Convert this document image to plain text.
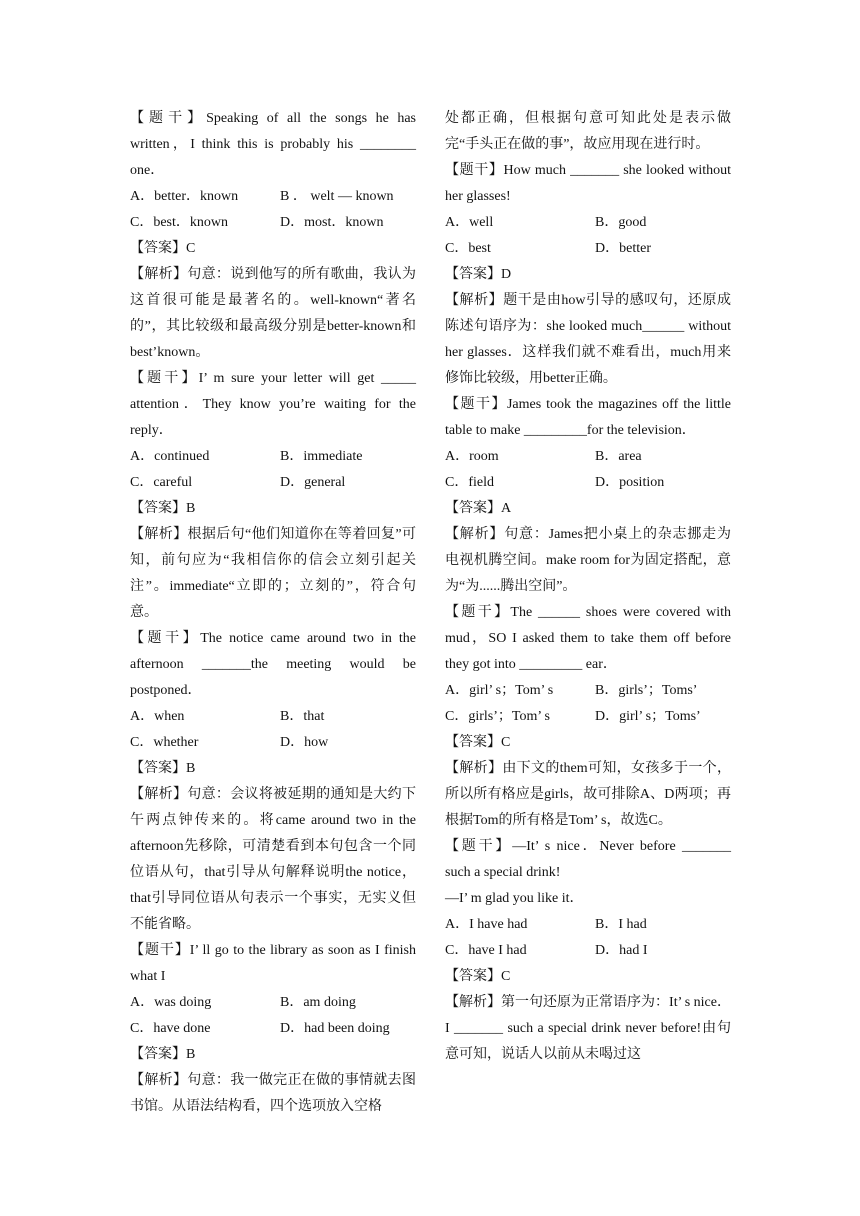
【题干】Speaking of all the songs he has written，I think this is probably his ________ one．

A．better．known	B ． welt — known
C．best．known	D．most．known

【答案】C

【解析】句意：说到他写的所有歌曲，我认为这首很可能是最著名的。well-known“著名的”，其比较级和最高级分别是better-known和best’known。

【题干】I’ m sure your letter will get _____ attention．They know you’re waiting for the reply．

A．continued	B．immediate
C．careful	D．general

【答案】B

【解析】根据后句“他们知道你在等着回复”可知，前句应为“我相信你的信会立刻引起关注”。immediate“立即的；立刻的”，符合句意。

【题干】The notice came around two in the afternoon _______the meeting would be postponed．

A．when	B．that
C．whether	D．how

【答案】B

【解析】句意：会议将被延期的通知是大约下午两点钟传来的。将came around two in the afternoon先移除，可清楚看到本句包含一个同位语从句，that引导从句解释说明the notice，that引导同位语从句表示一个事实，无实义但不能省略。

【题干】I’ ll go to the library as soon as I finish what I

A．was doing	B．am doing
C．have done	D．had been doing

【答案】B

【解析】句意：我一做完正在做的事情就去图书馆。从语法结构看，四个选项放入空格

处都正确，但根据句意可知此处是表示做完“手头正在做的事”，故应用现在进行时。

【题干】How much _______ she looked without her glasses!

A．well	B．good
C．best	D．better

【答案】D

【解析】题干是由how引导的感叹句，还原成陈述句语序为：she looked much______ without her glasses．这样我们就不难看出，much用来修饰比较级，用better正确。

【题干】James took the magazines off the little table to make _________for the television．

A．room	B．area
C．field	D．position

【答案】A

【解析】句意：James把小桌上的杂志挪走为电视机腾空间。make room for为固定搭配，意为“为......腾出空间”。

【题干】The ______ shoes were covered with mud，SO I asked them to take them off before they got into _________ ear．

A．girl’ s；Tom’ s	B．girls’；Toms’
C．girls’；Tom’ s	D．girl’ s；Toms’

【答案】C

【解析】由下文的them可知，女孩多于一个，所以所有格应是girls，故可排除A、D两项；再根据Tom的所有格是Tom’ s，故选C。

【题干】—It’ s nice．Never before _______ such a special drink!

—I’ m glad you like it．

A．I have had	B．I had
C．have I had	D．had I

【答案】C

【解析】第一句还原为正常语序为：It’ s nice．I _______ such a special drink never before!由句意可知，说话人以前从未喝过这
